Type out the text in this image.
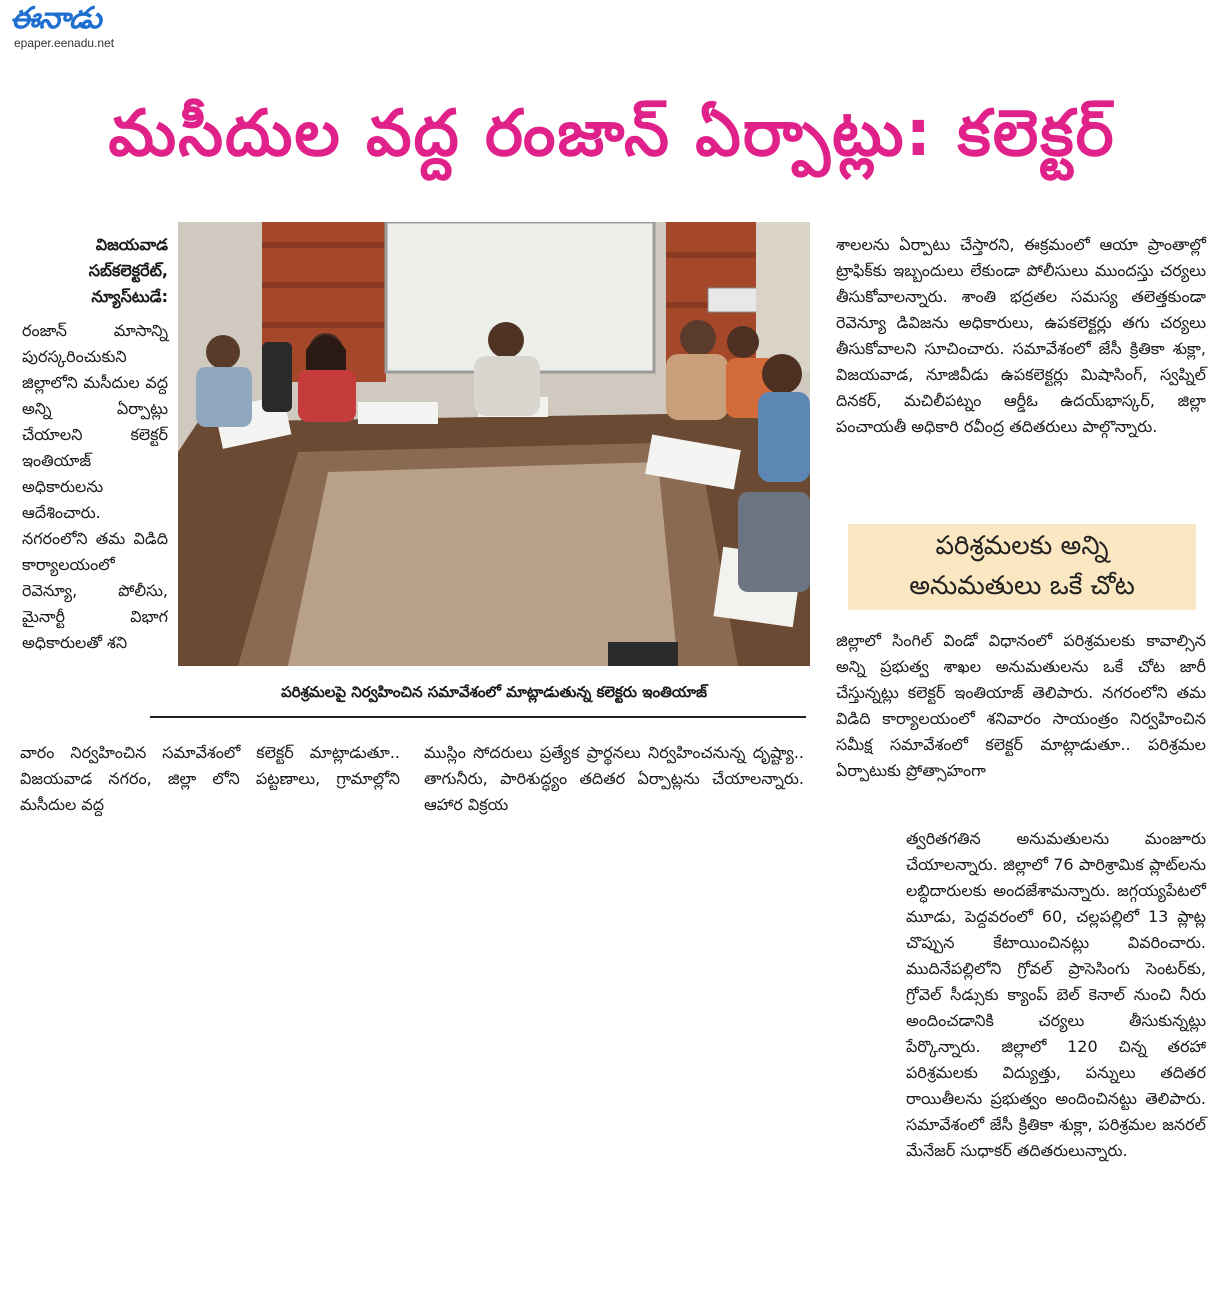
ఈనాడు
epaper.eenadu.net
మసీదుల వద్ద రంజాన్ ఏర్పాట్లు: కలెక్టర్
విజయవాడ సబ్‌కలెక్టరేట్, న్యూస్‌టుడే:
రంజాన్ మాసాన్ని పురస్కరించుకుని జిల్లాలోని మసీదుల వద్ద అన్ని ఏర్పాట్లు చేయాలని కలెక్టర్ ఇంతియాజ్ అధికారులను ఆదేశించారు. నగరంలోని తమ విడిది కార్యాలయంలో రెవెన్యూ, పోలీసు, మైనార్టీ విభాగ అధికారులతో శని
పరిశ్రమలపై నిర్వహించిన సమావేశంలో మాట్లాడుతున్న కలెక్టరు ఇంతియాజ్
వారం నిర్వహించిన సమావేశంలో కలెక్టర్ మాట్లాడుతూ.. విజయవాడ నగరం, జిల్లా లోని పట్టణాలు, గ్రామాల్లోని మసీదుల వద్ద
ముస్లిం సోదరులు ప్రత్యేక ప్రార్థనలు నిర్వహించనున్న దృష్ట్యా.. తాగునీరు, పారిశుద్ధ్యం తదితర ఏర్పాట్లను చేయాలన్నారు. ఆహార విక్రయ
శాలలను ఏర్పాటు చేస్తారని, ఈక్రమంలో ఆయా ప్రాంతాల్లో ట్రాఫిక్‌కు ఇబ్బందులు లేకుండా పోలీసులు ముందస్తు చర్యలు తీసుకోవాలన్నారు. శాంతి భద్రతల సమస్య తలెత్తకుండా రెవెన్యూ డివిజను అధికారులు, ఉపకలెక్టర్లు తగు చర్యలు తీసుకోవాలని సూచించారు. సమావేశంలో జేసీ క్రితికా శుక్లా, విజయవాడ, నూజివీడు ఉపకలెక్టర్లు మిషాసింగ్, స్వప్నిల్ దినకర్, మచిలీపట్నం ఆర్డీఓ ఉదయ్‌భాస్కర్, జిల్లా పంచాయతీ అధికారి రవీంద్ర తదితరులు పాల్గొన్నారు.
పరిశ్రమలకు అన్ని
అనుమతులు ఒకే చోట
జిల్లాలో సింగిల్ విండో విధానంలో పరిశ్రమలకు కావాల్సిన అన్ని ప్రభుత్వ శాఖల అనుమతులను ఒకే చోట జారీ చేస్తున్నట్లు కలెక్టర్ ఇంతియాజ్ తెలిపారు. నగరంలోని తమ విడిది కార్యాలయంలో శనివారం సాయంత్రం నిర్వహించిన సమీక్ష సమావేశంలో కలెక్టర్ మాట్లాడుతూ.. పరిశ్రమల ఏర్పాటుకు ప్రోత్సాహంగా
త్వరితగతిన అనుమతులను మంజూరు చేయాలన్నారు. జిల్లాలో 76 పారిశ్రామిక ప్లాట్‌లను లబ్ధిదారులకు అందజేశామన్నారు. జగ్గయ్యపేటలో మూడు, పెద్దవరంలో 60, చల్లపల్లిలో 13 ప్లాట్ల చొప్పున కేటాయించినట్లు వివరించారు. ముదినేపల్లిలోని గ్రోవల్ ప్రాసెసింగు సెంటర్‌కు, గ్రోవెల్ సీడ్సుకు క్యాంప్ బెల్ కెనాల్ నుంచి నీరు అందించడానికి చర్యలు తీసుకున్నట్లు పేర్కొన్నారు. జిల్లాలో 120 చిన్న తరహా పరిశ్రమలకు విద్యుత్తు, పన్నులు తదితర రాయితీలను ప్రభుత్వం అందించినట్టు తెలిపారు. సమావేశంలో జేసీ క్రితికా శుక్లా, పరిశ్రమల జనరల్ మేనేజర్ సుధాకర్ తదితరులున్నారు.
